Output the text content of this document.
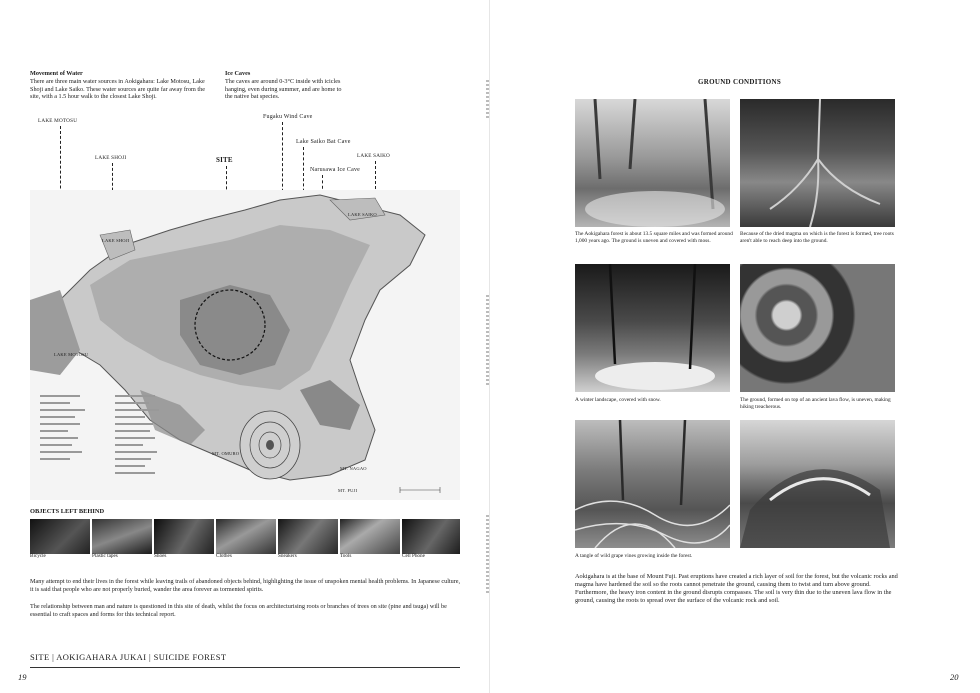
Movement of Water
There are three main water sources in Aokigahara: Lake Motosu, Lake Shoji and Lake Saiko. These water sources are quite far away from the site, with a 1.5 hour walk to the closest Lake Shoji.
Ice Caves
The caves are around 0-3°C inside with icicles hanging, even during summer, and are home to the native bat species.
LAKE MOTOSU
LAKE SHOJI	SITE
Fugaku Wind Cave
Lake Saiko Bat Cave
Narusawa Ice Cave
LAKE SAIKO
LAKE SAIKO
LAKE SHOJI
LAKE MOTOSU
MT. OMURO
MT. NAGAO
MT. FUJI
OBJECTS LEFT BEHIND
Bicycle	Plastic tapes	Shoes	Clothes	Sneakers	Tools	Cell Phone
Many attempt to end their lives in the forest while leaving trails of abandoned objects behind, highlighting the issue of unspoken mental health problems. In Japanese culture, it is said that people who are not properly buried, wander the area forever as tormented spirits.
The relationship between man and nature is questioned in this site of death, whilst the focus on architecturising roots or branches of trees on site (pine and tsuga) will be essential to craft spaces and forms for this technical report.
SITE | AOKIGAHARA JUKAI | SUICIDE FOREST
19
GROUND CONDITIONS
The Aokigahara forest is about 13.5 square miles and was formed around 1,000 years ago. The ground is uneven and covered with moss.
Because of the dried magma on which is the forest is formed, tree roots aren't able to reach deep into the ground.
A winter landscape, covered with snow.	The ground, formed on top of an ancient lava flow, is uneven, making hiking treacherous.
A tangle of wild grape vines growing inside the forest.
Aokigahara is at the base of Mount Fuji. Past eruptions have created a rich layer of soil for the forest, but the volcanic rocks and magma have hardened the soil so the roots cannot penetrate the ground, causing them to twist and turn above ground. Furthermore, the heavy iron content in the ground disrupts compasses. The soil is very thin due to the uneven lava flow in the ground, causing the roots to spread over the surface of the volcanic rock and soil.
20
